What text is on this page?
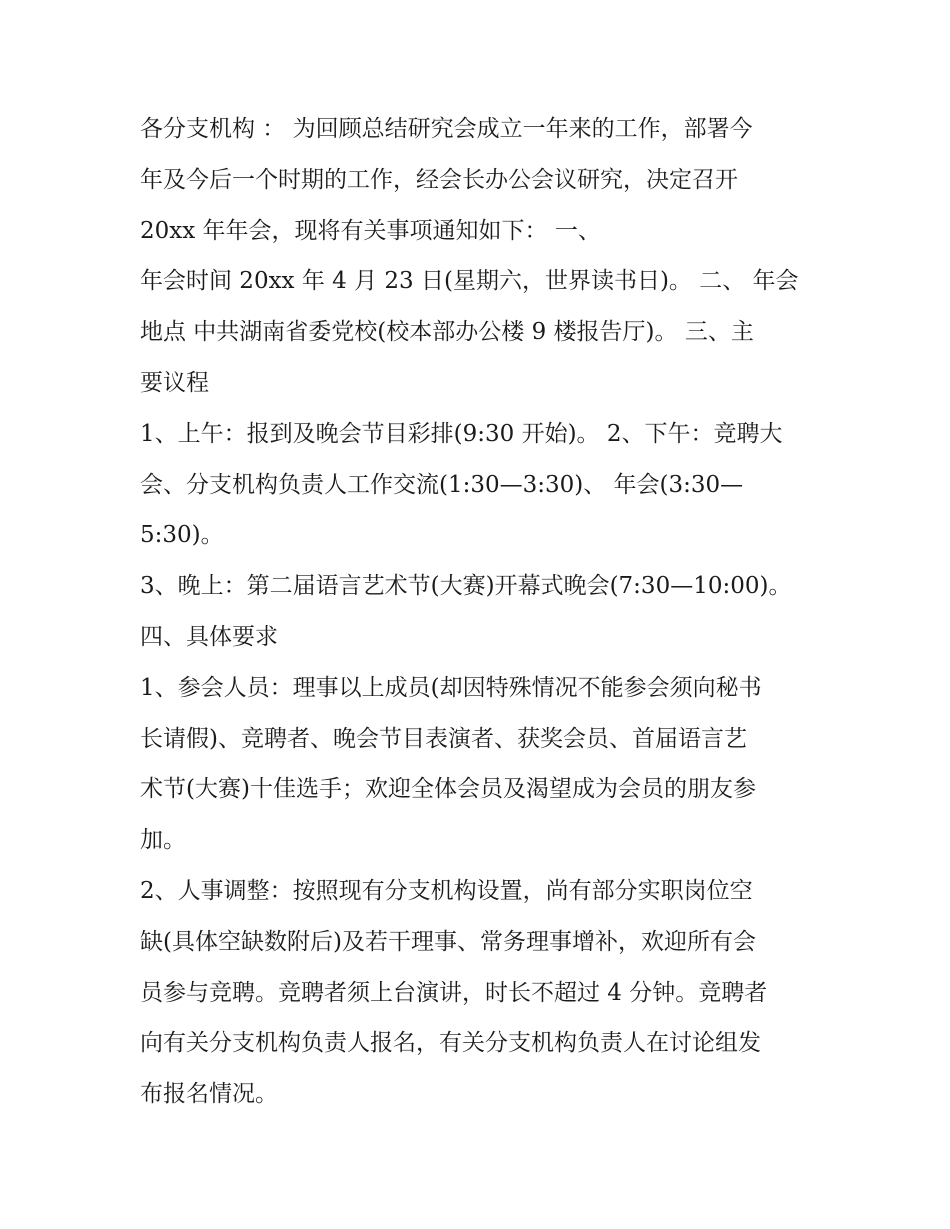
各分支机构 ： 为回顾总结研究会成立一年来的工作，部署今
年及今后一个时期的工作，经会长办公会议研究，决定召开
20xx 年年会，现将有关事项通知如下： 一、
年会时间 20xx 年 4 月 23 日(星期六，世界读书日)。 二、 年会
地点 中共湖南省委党校(校本部办公楼 9 楼报告厅)。 三、主
要议程
1、上午：报到及晚会节目彩排(9:30 开始)。 2、下午：竞聘大
会、分支机构负责人工作交流(1:30—3:30)、 年会(3:30—
5:30)。
3、晚上：第二届语言艺术节(大赛)开幕式晚会(7:30—10:00)。
四、具体要求
1、参会人员：理事以上成员(却因特殊情况不能参会须向秘书
长请假)、竞聘者、晚会节目表演者、获奖会员、首届语言艺
术节(大赛)十佳选手；欢迎全体会员及渴望成为会员的朋友参
加。
2、人事调整：按照现有分支机构设置，尚有部分实职岗位空
缺(具体空缺数附后)及若干理事、常务理事增补，欢迎所有会
员参与竞聘。竞聘者须上台演讲，时长不超过 4 分钟。竞聘者
向有关分支机构负责人报名，有关分支机构负责人在讨论组发
布报名情况。
